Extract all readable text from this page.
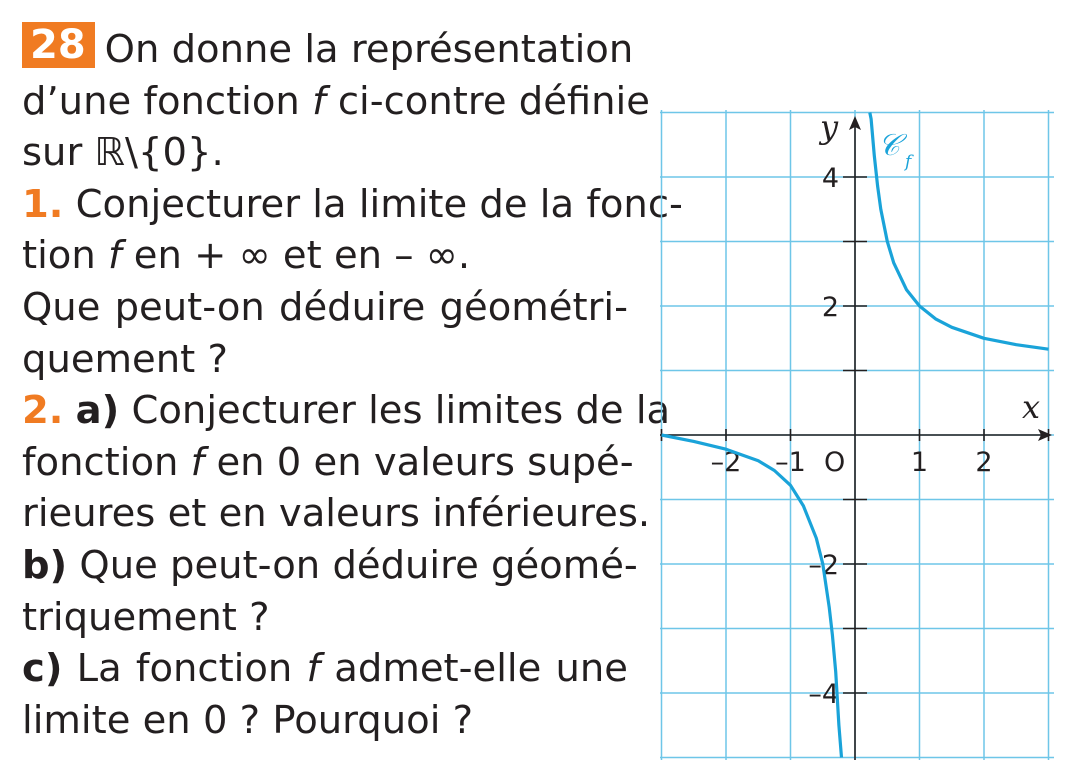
28 On donne la représentation
d’une fonction f ci-contre définie
sur ℝ\{0}.
1. Conjecturer la limite de la fonc-
tion f en + ∞ et en – ∞.
Que peut-on déduire géométri-
quement ?
2. a) Conjecturer les limites de la
fonction f en 0 en valeurs supé-
rieures et en valeurs inférieures.
b) Que peut-on déduire géomé-
triquement ?
c) La fonction f admet-elle une
limite en 0 ? Pourquoi ?
–2 –1	1 2
4
2
–2
–4
x
y
O
𝒞 f
